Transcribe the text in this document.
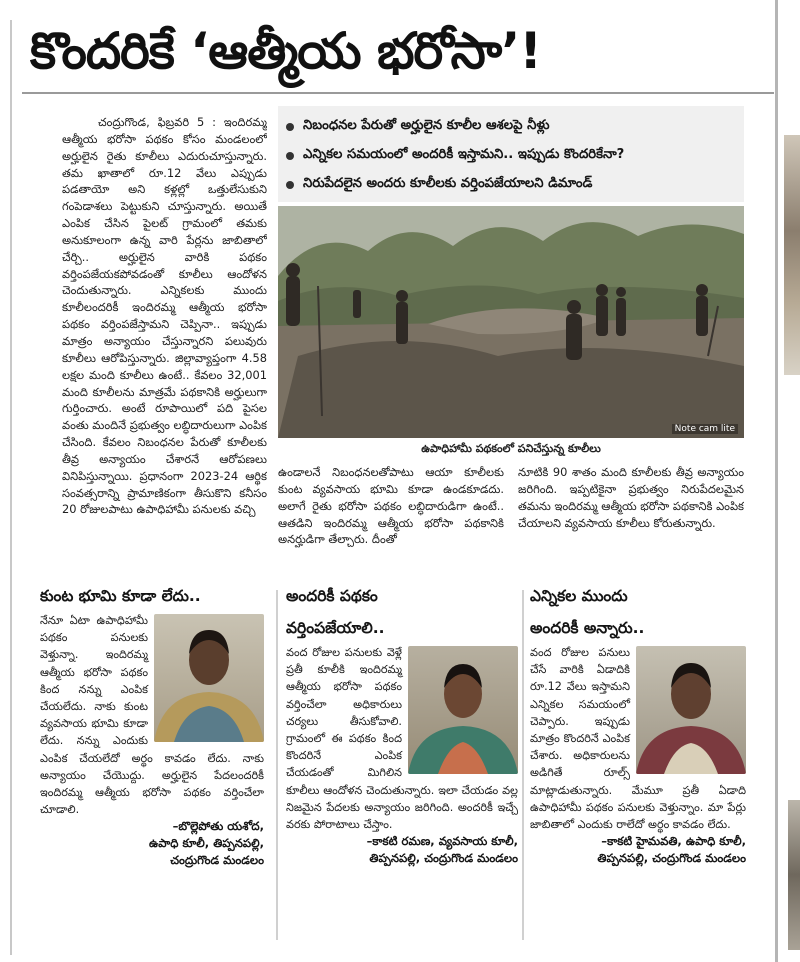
కొందరికే ‘ఆత్మీయ భరోసా’!

చంద్రుగొండ, ఫిబ్రవరి 5 : ఇందిరమ్మ ఆత్మీయ భరోసా పథకం కోసం మండలంలో అర్హులైన రైతు కూలీలు ఎదురుచూస్తున్నారు. తమ ఖాతాలో రూ.12 వేలు ఎప్పుడు పడతాయో అని కళ్లల్లో ఒత్తులేసుకుని గంపెడాశలు పెట్టుకుని చూస్తున్నారు. అయితే ఎంపిక చేసిన పైలట్ గ్రామంలో తమకు అనుకూలంగా ఉన్న వారి పేర్లను జాబితాలో చేర్చి.. అర్హులైన వారికి పథకం వర్తింపజేయకపోవడంతో కూలీలు ఆందోళన చెందుతున్నారు. ఎన్నికలకు ముందు కూలీలందరికీ ఇందిరమ్మ ఆత్మీయ భరోసా పథకం వర్తింపజేస్తామని చెప్పినా.. ఇప్పుడు మాత్రం అన్యాయం చేస్తున్నారని పలువురు కూలీలు ఆరోపిస్తున్నారు. జిల్లావ్యాప్తంగా 4.58 లక్షల మంది కూలీలు ఉంటే.. కేవలం 32,001 మంది కూలీలను మాత్రమే పథకానికి అర్హులుగా గుర్తించారు. అంటే రూపాయిలో పది పైసల వంతు మందినే ప్రభుత్వం లబ్ధిదారులుగా ఎంపిక చేసింది. కేవలం నిబంధనల పేరుతో కూలీలకు తీవ్ర అన్యాయం చేశారనే ఆరోపణలు వినిపిస్తున్నాయి. ప్రధానంగా 2023-24 ఆర్థిక సంవత్సరాన్ని ప్రామాణికంగా తీసుకొని కనీసం 20 రోజులపాటు ఉపాధిహామీ పనులకు వచ్చి

నిబంధనల పేరుతో అర్హులైన కూలీల ఆశలపై నీళ్లు
ఎన్నికల సమయంలో అందరికీ ఇస్తామని.. ఇప్పుడు కొందరికేనా?
నిరుపేదలైన అందరు కూలీలకు వర్తింపజేయాలని డిమాండ్
Note cam lite
ఉపాధిహామీ పథకంలో పనిచేస్తున్న కూలీలు
ఉండాలనే నిబంధనలతోపాటు ఆయా కూలీలకు కుంట వ్యవసాయ భూమి కూడా ఉండకూడదు. అలాగే రైతు భరోసా పథకం లబ్ధిదారుడిగా ఉంటే.. ఆతడిని ఇందిరమ్మ ఆత్మీయ భరోసా పథకానికి అనర్హుడిగా తేల్చారు. దీంతో
నూటికి 90 శాతం మంది కూలీలకు తీవ్ర అన్యాయం జరిగింది. ఇప్పటికైనా ప్రభుత్వం నిరుపేదలమైన తమను ఇందిరమ్మ ఆత్మీయ భరోసా పథకానికి ఎంపిక చేయాలని వ్యవసాయ కూలీలు కోరుతున్నారు.
కుంట భూమి కూడా లేదు..
నేనూ ఏటా ఉపాధిహామీ పథకం పనులకు వెళ్తున్నా. ఇందిరమ్మ ఆత్మీయ భరోసా పథకం కింద నన్ను ఎంపిక చేయలేదు. నాకు కుంట వ్యవసాయ భూమి కూడా లేదు. నన్ను ఎందుకు ఎంపిక చేయలేదో అర్థం కావడం లేదు. నాకు అన్యాయం చేయొద్దు. అర్హులైన పేదలందరికీ ఇందిరమ్మ ఆత్మీయ భరోసా పథకం వర్తించేలా చూడాలి.
–బొల్లెపోతు యశోద,
ఉపాధి కూలీ, తిప్పనపల్లి,
చంద్రుగొండ మండలం
అందరికీ పథకం
వర్తింపజేయాలి..
వంద రోజుల పనులకు వెళ్లే ప్రతీ కూలీకి ఇందిరమ్మ ఆత్మీయ భరోసా పథకం వర్తించేలా అధికారులు చర్యలు తీసుకోవాలి. గ్రామంలో ఈ పథకం కింద కొందరినే ఎంపిక చేయడంతో మిగిలిన కూలీలు ఆందోళన చెందుతున్నారు. ఇలా చేయడం వల్ల నిజమైన పేదలకు అన్యాయం జరిగింది. అందరికీ ఇచ్చే వరకు పోరాటాలు చేస్తాం.
–కాకటి రమణ, వ్యవసాయ కూలీ,
తిప్పనపల్లి, చంద్రుగొండ మండలం
ఎన్నికల ముందు
అందరికీ అన్నారు..
వంద రోజుల పనులు చేసే వారికి ఏడాదికి రూ.12 వేలు ఇస్తామని ఎన్నికల సమయంలో చెప్పారు. ఇప్పుడు మాత్రం కొందరినే ఎంపిక చేశారు. అధికారులను అడిగితే రూల్స్ మాట్లాడుతున్నారు. మేమూ ప్రతీ ఏడాది ఉపాధిహామీ పథకం పనులకు వెళ్తున్నాం. మా పేర్లు జాబితాలో ఎందుకు రాలేదో అర్థం కావడం లేదు.
–కాకటి హైమవతి, ఉపాధి కూలీ,
తిప్పనపల్లి, చంద్రుగొండ మండలం
